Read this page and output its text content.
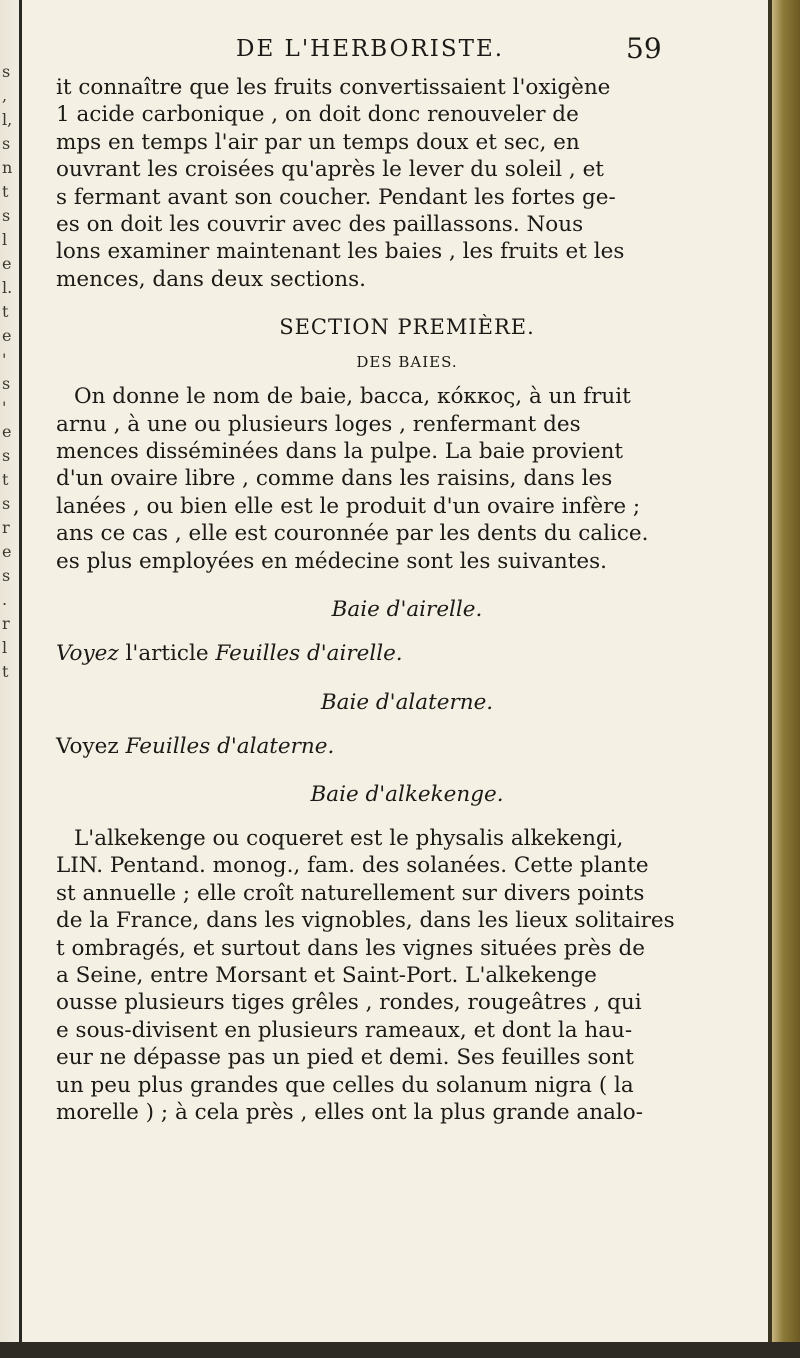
s
,
l,
s
n
t
s
l
e
l.
t
e
'
s
'
e
s
t
s
r
e
s
.
r
l
t
DE L'HERBORISTE.	59

it connaître que les fruits convertissaient l'oxigène

1 acide carbonique , on doit donc renouveler de

mps en temps l'air par un temps doux et sec, en

ouvrant les croisées qu'après le lever du soleil , et

s fermant avant son coucher. Pendant les fortes ge-

es on doit les couvrir avec des paillassons. Nous

lons examiner maintenant les baies , les fruits et les

mences, dans deux sections.

SECTION PREMIÈRE.
DES BAIES.

On donne le nom de baie, bacca, κόκκος, à un fruit

arnu , à une ou plusieurs loges , renfermant des

mences disséminées dans la pulpe. La baie provient

d'un ovaire libre , comme dans les raisins, dans les

lanées , ou bien elle est le produit d'un ovaire infère ;

ans ce cas , elle est couronnée par les dents du calice.

es plus employées en médecine sont les suivantes.

Baie d'airelle.

Voyez l'article Feuilles d'airelle.

Baie d'alaterne.

Voyez Feuilles d'alaterne.

Baie d'alkekenge.

L'alkekenge ou coqueret est le physalis alkekengi,

LIN. Pentand. monog., fam. des solanées. Cette plante

st annuelle ; elle croît naturellement sur divers points

de la France, dans les vignobles, dans les lieux solitaires

t ombragés, et surtout dans les vignes situées près de

a Seine, entre Morsant et Saint-Port. L'alkekenge

ousse plusieurs tiges grêles , rondes, rougeâtres , qui

e sous-divisent en plusieurs rameaux, et dont la hau-

eur ne dépasse pas un pied et demi. Ses feuilles sont

un peu plus grandes que celles du solanum nigra ( la

morelle ) ; à cela près , elles ont la plus grande analo-
